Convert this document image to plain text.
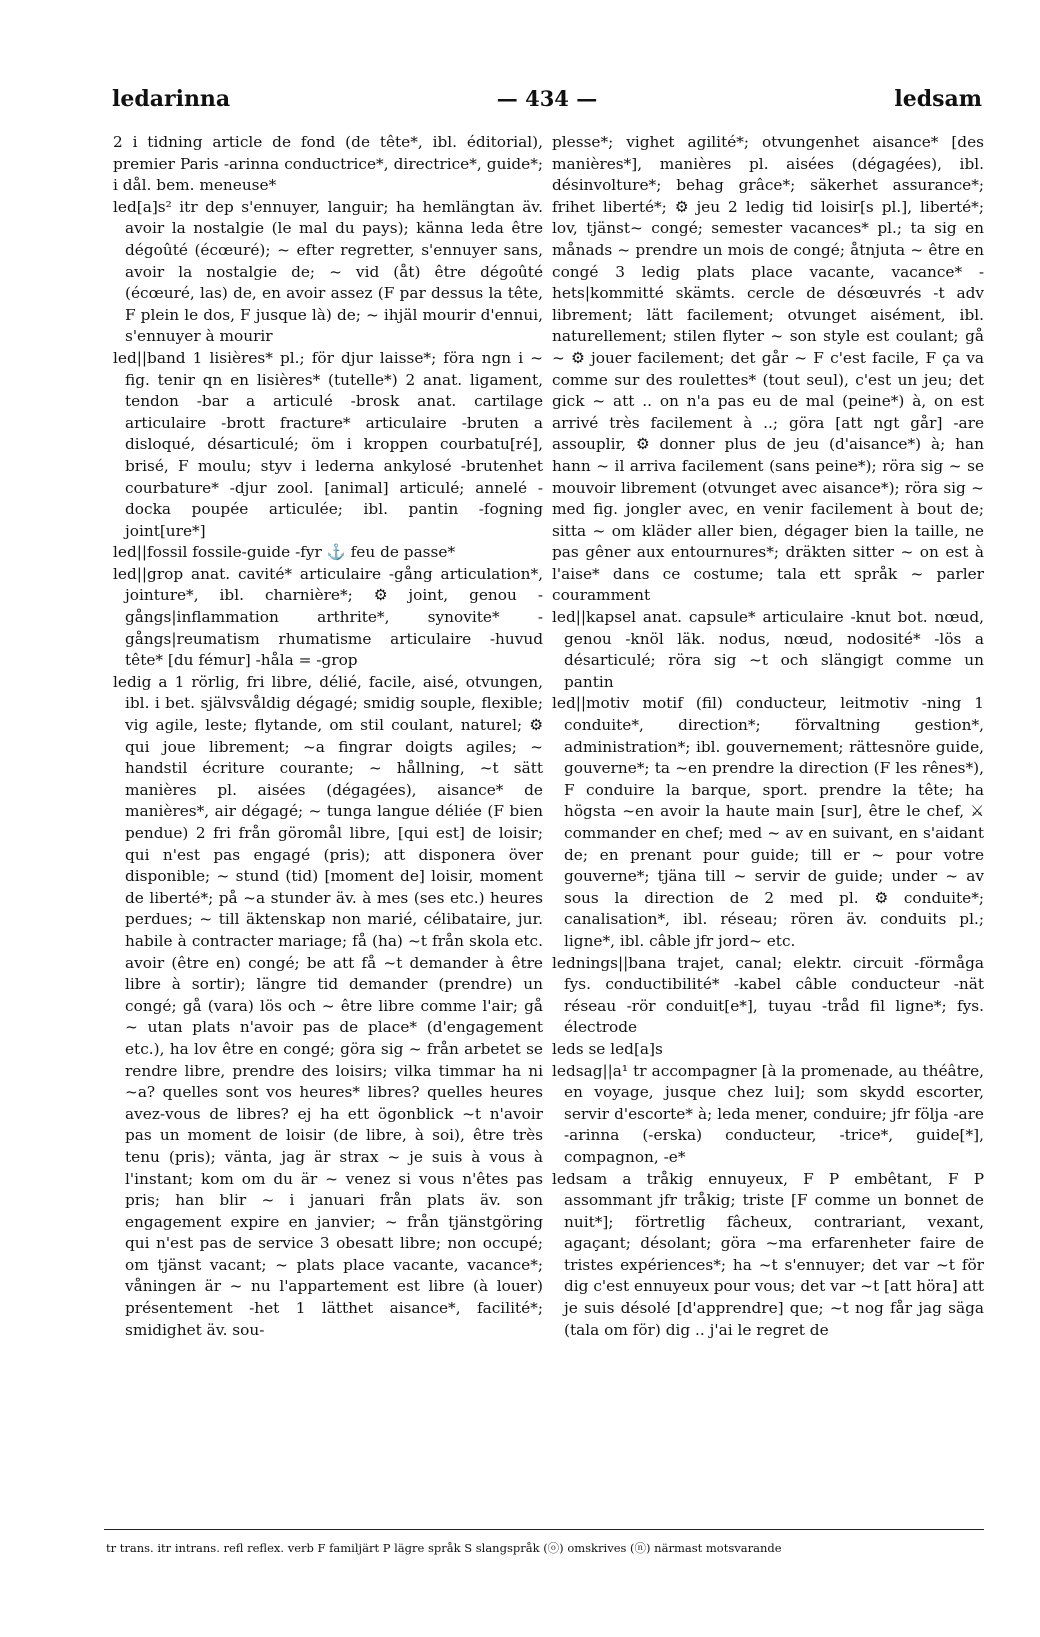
ledarinna	— 434 —	ledsam

2 i tidning article de fond (de tête*, ibl. éditorial), premier Paris -arinna conductrice*, directrice*, guide*; i dål. bem. meneuse*

led[a]s² itr dep s'ennuyer, languir; ha hemlängtan äv. avoir la nostalgie (le mal du pays); känna leda être dégoûté (écœuré); ~ efter regretter, s'ennuyer sans, avoir la nostalgie de; ~ vid (åt) être dégoûté (écœuré, las) de, en avoir assez (F par dessus la tête, F plein le dos, F jusque là) de; ~ ihjäl mourir d'ennui, s'ennuyer à mourir

led||band 1 lisières* pl.; för djur laisse*; föra ngn i ~ fig. tenir qn en lisières* (tutelle*) 2 anat. ligament, tendon -bar a articulé -brosk anat. cartilage articulaire -brott fracture* articulaire -bruten a disloqué, désarticulé; öm i kroppen courbatu[ré], brisé, F moulu; styv i lederna ankylosé -brutenhet courbature* -djur zool. [animal] articulé; annelé -docka poupée articulée; ibl. pantin -fogning joint[ure*]

led||fossil fossile-guide -fyr ⚓ feu de passe*

led||grop anat. cavité* articulaire -gång articulation*, jointure*, ibl. charnière*; ⚙ joint, genou -gångs|inflammation arthrite*, synovite* -gångs|reumatism rhumatisme articulaire -huvud tête* [du fémur] -håla = -grop

ledig a 1 rörlig, fri libre, délié, facile, aisé, otvungen, ibl. i bet. självsvåldig dégagé; smidig souple, flexible; vig agile, leste; flytande, om stil coulant, naturel; ⚙ qui joue librement; ~a fingrar doigts agiles; ~ handstil écriture courante; ~ hållning, ~t sätt manières pl. aisées (dégagées), aisance* de manières*, air dégagé; ~ tunga langue déliée (F bien pendue) 2 fri från göromål libre, [qui est] de loisir; qui n'est pas engagé (pris); att disponera över disponible; ~ stund (tid) [moment de] loisir, moment de liberté*; på ~a stunder äv. à mes (ses etc.) heures perdues; ~ till äktenskap non marié, célibataire, jur. habile à contracter mariage; få (ha) ~t från skola etc. avoir (être en) congé; be att få ~t demander à être libre à sortir); längre tid demander (prendre) un congé; gå (vara) lös och ~ être libre comme l'air; gå ~ utan plats n'avoir pas de place* (d'engagement etc.), ha lov être en congé; göra sig ~ från arbetet se rendre libre, prendre des loisirs; vilka timmar ha ni ~a? quelles sont vos heures* libres? quelles heures avez-vous de libres? ej ha ett ögonblick ~t n'avoir pas un moment de loisir (de libre, à soi), être très tenu (pris); vänta, jag är strax ~ je suis à vous à l'instant; kom om du är ~ venez si vous n'êtes pas pris; han blir ~ i januari från plats äv. son engagement expire en janvier; ~ från tjänstgöring qui n'est pas de service 3 obesatt libre; non occupé; om tjänst vacant; ~ plats place vacante, vacance*; våningen är ~ nu l'appartement est libre (à louer) présentement -het 1 lätthet aisance*, facilité*; smidighet äv. sou-

plesse*; vighet agilité*; otvungenhet aisance* [des manières*], manières pl. aisées (dégagées), ibl. désinvolture*; behag grâce*; säkerhet assurance*; frihet liberté*; ⚙ jeu 2 ledig tid loisir[s pl.], liberté*; lov, tjänst~ congé; semester vacances* pl.; ta sig en månads ~ prendre un mois de congé; åtnjuta ~ être en congé 3 ledig plats place vacante, vacance* -hets|kommitté skämts. cercle de désœuvrés -t adv librement; lätt facilement; otvunget aisément, ibl. naturellement; stilen flyter ~ son style est coulant; gå ~ ⚙ jouer facilement; det går ~ F c'est facile, F ça va comme sur des roulettes* (tout seul), c'est un jeu; det gick ~ att .. on n'a pas eu de mal (peine*) à, on est arrivé très facilement à ..; göra [att ngt går] -are assouplir, ⚙ donner plus de jeu (d'aisance*) à; han hann ~ il arriva facilement (sans peine*); röra sig ~ se mouvoir librement (otvunget avec aisance*); röra sig ~ med fig. jongler avec, en venir facilement à bout de; sitta ~ om kläder aller bien, dégager bien la taille, ne pas gêner aux entournures*; dräkten sitter ~ on est à l'aise* dans ce costume; tala ett språk ~ parler couramment

led||kapsel anat. capsule* articulaire -knut bot. nœud, genou -knöl läk. nodus, nœud, nodosité* -lös a désarticulé; röra sig ~t och slängigt comme un pantin

led||motiv motif (fil) conducteur, leitmotiv -ning 1 conduite*, direction*; förvaltning gestion*, administration*; ibl. gouvernement; rättesnöre guide, gouverne*; ta ~en prendre la direction (F les rênes*), F conduire la barque, sport. prendre la tête; ha högsta ~en avoir la haute main [sur], être le chef, ⚔ commander en chef; med ~ av en suivant, en s'aidant de; en prenant pour guide; till er ~ pour votre gouverne*; tjäna till ~ servir de guide; under ~ av sous la direction de 2 med pl. ⚙ conduite*; canalisation*, ibl. réseau; rören äv. conduits pl.; ligne*, ibl. câble jfr jord~ etc.

lednings||bana trajet, canal; elektr. circuit -förmåga fys. conductibilité* -kabel câble conducteur -nät réseau -rör conduit[e*], tuyau -tråd fil ligne*; fys. électrode

leds se led[a]s

ledsag||a¹ tr accompagner [à la promenade, au théâtre, en voyage, jusque chez lui]; som skydd escorter, servir d'escorte* à; leda mener, conduire; jfr följa -are -arinna (-erska) conducteur, -trice*, guide[*], compagnon, -e*

ledsam a tråkig ennuyeux, F P embêtant, F P assommant jfr tråkig; triste [F comme un bonnet de nuit*]; förtretlig fâcheux, contrariant, vexant, agaçant; désolant; göra ~ma erfarenheter faire de tristes expériences*; ha ~t s'ennuyer; det var ~t för dig c'est ennuyeux pour vous; det var ~t [att höra] att je suis désolé [d'apprendre] que; ~t nog får jag säga (tala om för) dig .. j'ai le regret de

tr trans. itr intrans. refl reflex. verb F familjärt P lägre språk S slangspråk (ⓞ) omskrives (ⓝ) närmast motsvarande
